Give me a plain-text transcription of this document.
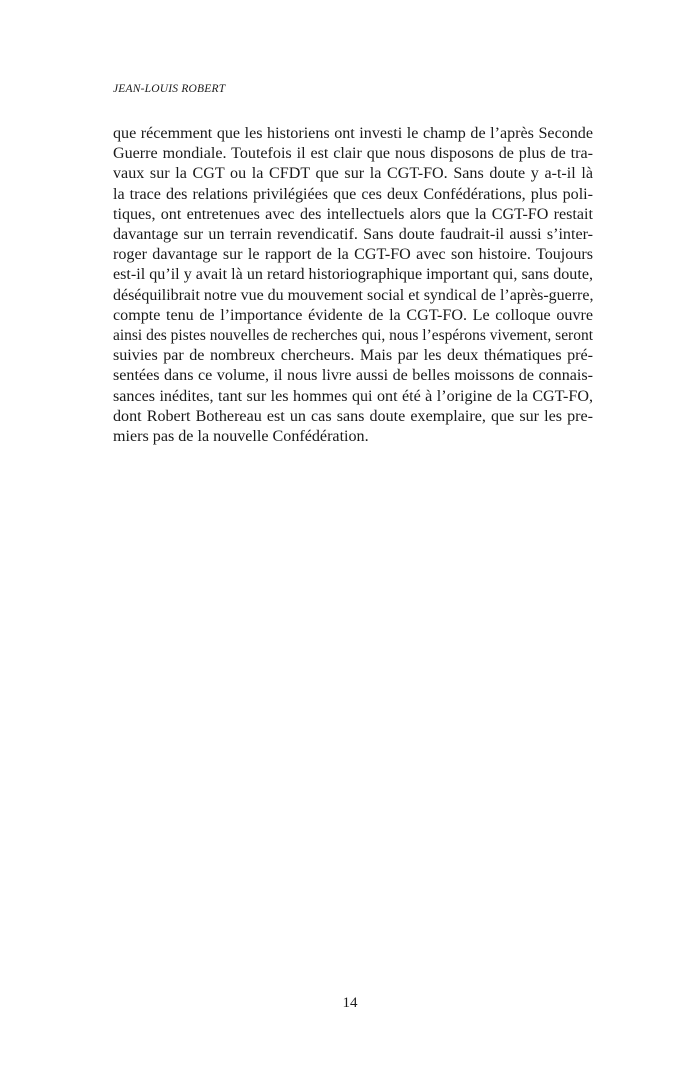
JEAN-LOUIS ROBERT
que récemment que les historiens ont investi le champ de l’après Seconde
Guerre mondiale. Toutefois il est clair que nous disposons de plus de tra-
vaux sur la CGT ou la CFDT que sur la CGT-FO. Sans doute y a-t-il là
la trace des relations privilégiées que ces deux Confédérations, plus poli-
tiques, ont entretenues avec des intellectuels alors que la CGT-FO restait
davantage sur un terrain revendicatif. Sans doute faudrait-il aussi s’inter-
roger davantage sur le rapport de la CGT-FO avec son histoire. Toujours
est-il qu’il y avait là un retard historiographique important qui, sans doute,
déséquilibrait notre vue du mouvement social et syndical de l’après-guerre,
compte tenu de l’importance évidente de la CGT-FO. Le colloque ouvre
ainsi des pistes nouvelles de recherches qui, nous l’espérons vivement, seront
suivies par de nombreux chercheurs. Mais par les deux thématiques pré-
sentées dans ce volume, il nous livre aussi de belles moissons de connais-
sances inédites, tant sur les hommes qui ont été à l’origine de la CGT-FO,
dont Robert Bothereau est un cas sans doute exemplaire, que sur les pre-
miers pas de la nouvelle Confédération.
14
